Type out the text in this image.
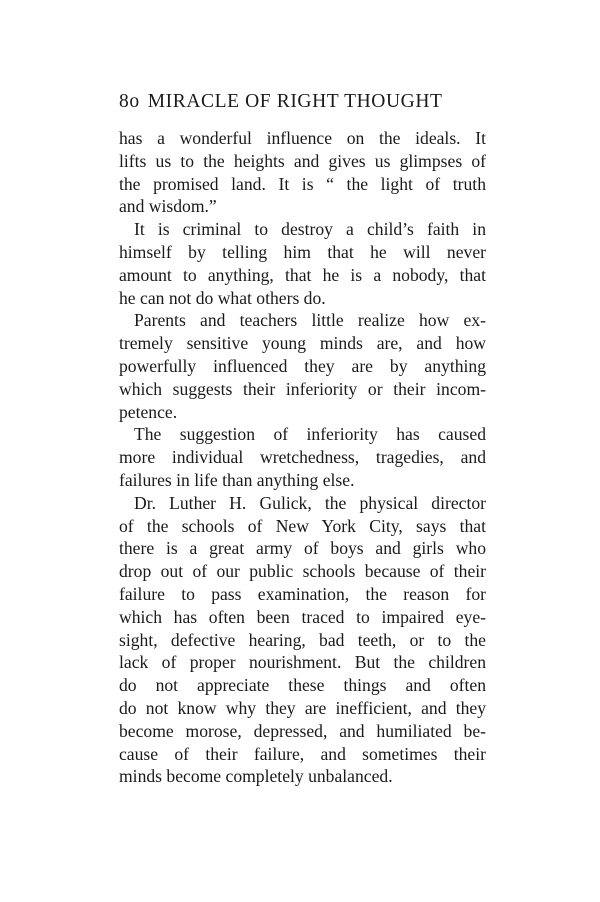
8o MIRACLE OF RIGHT THOUGHT
has a wonderful influence on the ideals. It
lifts us to the heights and gives us glimpses of
the promised land. It is “ the light of truth
and wisdom.”
It is criminal to destroy a child’s faith in
himself by telling him that he will never
amount to anything, that he is a nobody, that
he can not do what others do.
Parents and teachers little realize how ex-
tremely sensitive young minds are, and how
powerfully influenced they are by anything
which suggests their inferiority or their incom-
petence.
The suggestion of inferiority has caused
more individual wretchedness, tragedies, and
failures in life than anything else.
Dr. Luther H. Gulick, the physical director
of the schools of New York City, says that
there is a great army of boys and girls who
drop out of our public schools because of their
failure to pass examination, the reason for
which has often been traced to impaired eye-
sight, defective hearing, bad teeth, or to the
lack of proper nourishment. But the children
do not appreciate these things and often
do not know why they are inefficient, and they
become morose, depressed, and humiliated be-
cause of their failure, and sometimes their
minds become completely unbalanced.
